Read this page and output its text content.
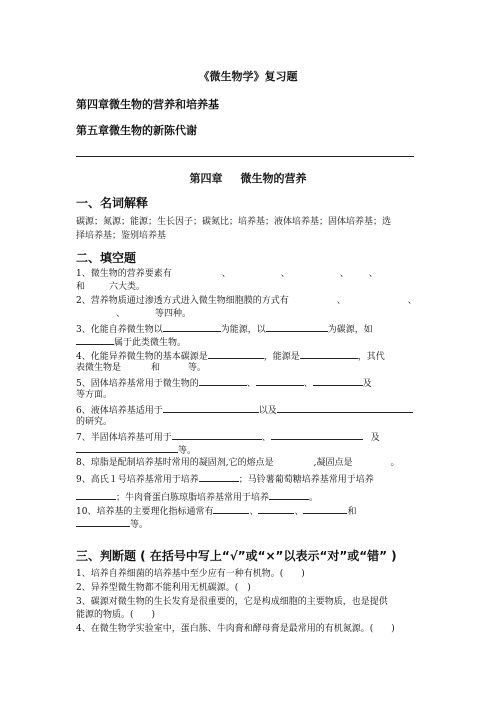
《微生物学》复习题
第四章微生物的营养和培养基
第五章微生物的新陈代谢
第四章 微生物的营养
一、名词解释
碳源；氮源；能源；生长因子；碳氮比；培养基；液体培养基；固体培养基；选
择培养基；鉴别培养基
二、填空题
1、微生物的营养要素有	、	、	、 、
和	六大类。
2、营养物质通过渗透方式进入微生物细胞膜的方式有	、	、
、	等四种。
3、化能自养微生物以	为能源，以	为碳源，如
属于此类微生物。
4、化能异养微生物的基本碳源是	，能源是	，其代
表微生物是	和	等。
5、固体培养基常用于微生物的	、	、	及
等方面。
6、液体培养基适用于	以及
的研究。
7、半固体培养基可用于	、	及
等。
8、琼脂是配制培养基时常用的凝固剂,它的熔点是	,凝固点是	。
9、高氏１号培养基常用于培养	；马铃薯葡萄糖培养基常用于培养
；牛肉膏蛋白胨琼脂培养基常用于培养	。
10、培养基的主要理化指标通常有	、	、	和
等。
三、判断题 ( 在括号中写上“√”或“×”以表示“对”或“错” )
1、培养自养细菌的培养基中至少应有一种有机物。(　　)
2、异养型微生物都不能利用无机碳源。(　)
3、碳源对微生物的生长发育是很重要的，它是构成细胞的主要物质，也是提供
能源的物质。(　　)
4、在微生物学实验室中，蛋白胨、牛肉膏和酵母膏是最常用的有机氮源。(　　)
